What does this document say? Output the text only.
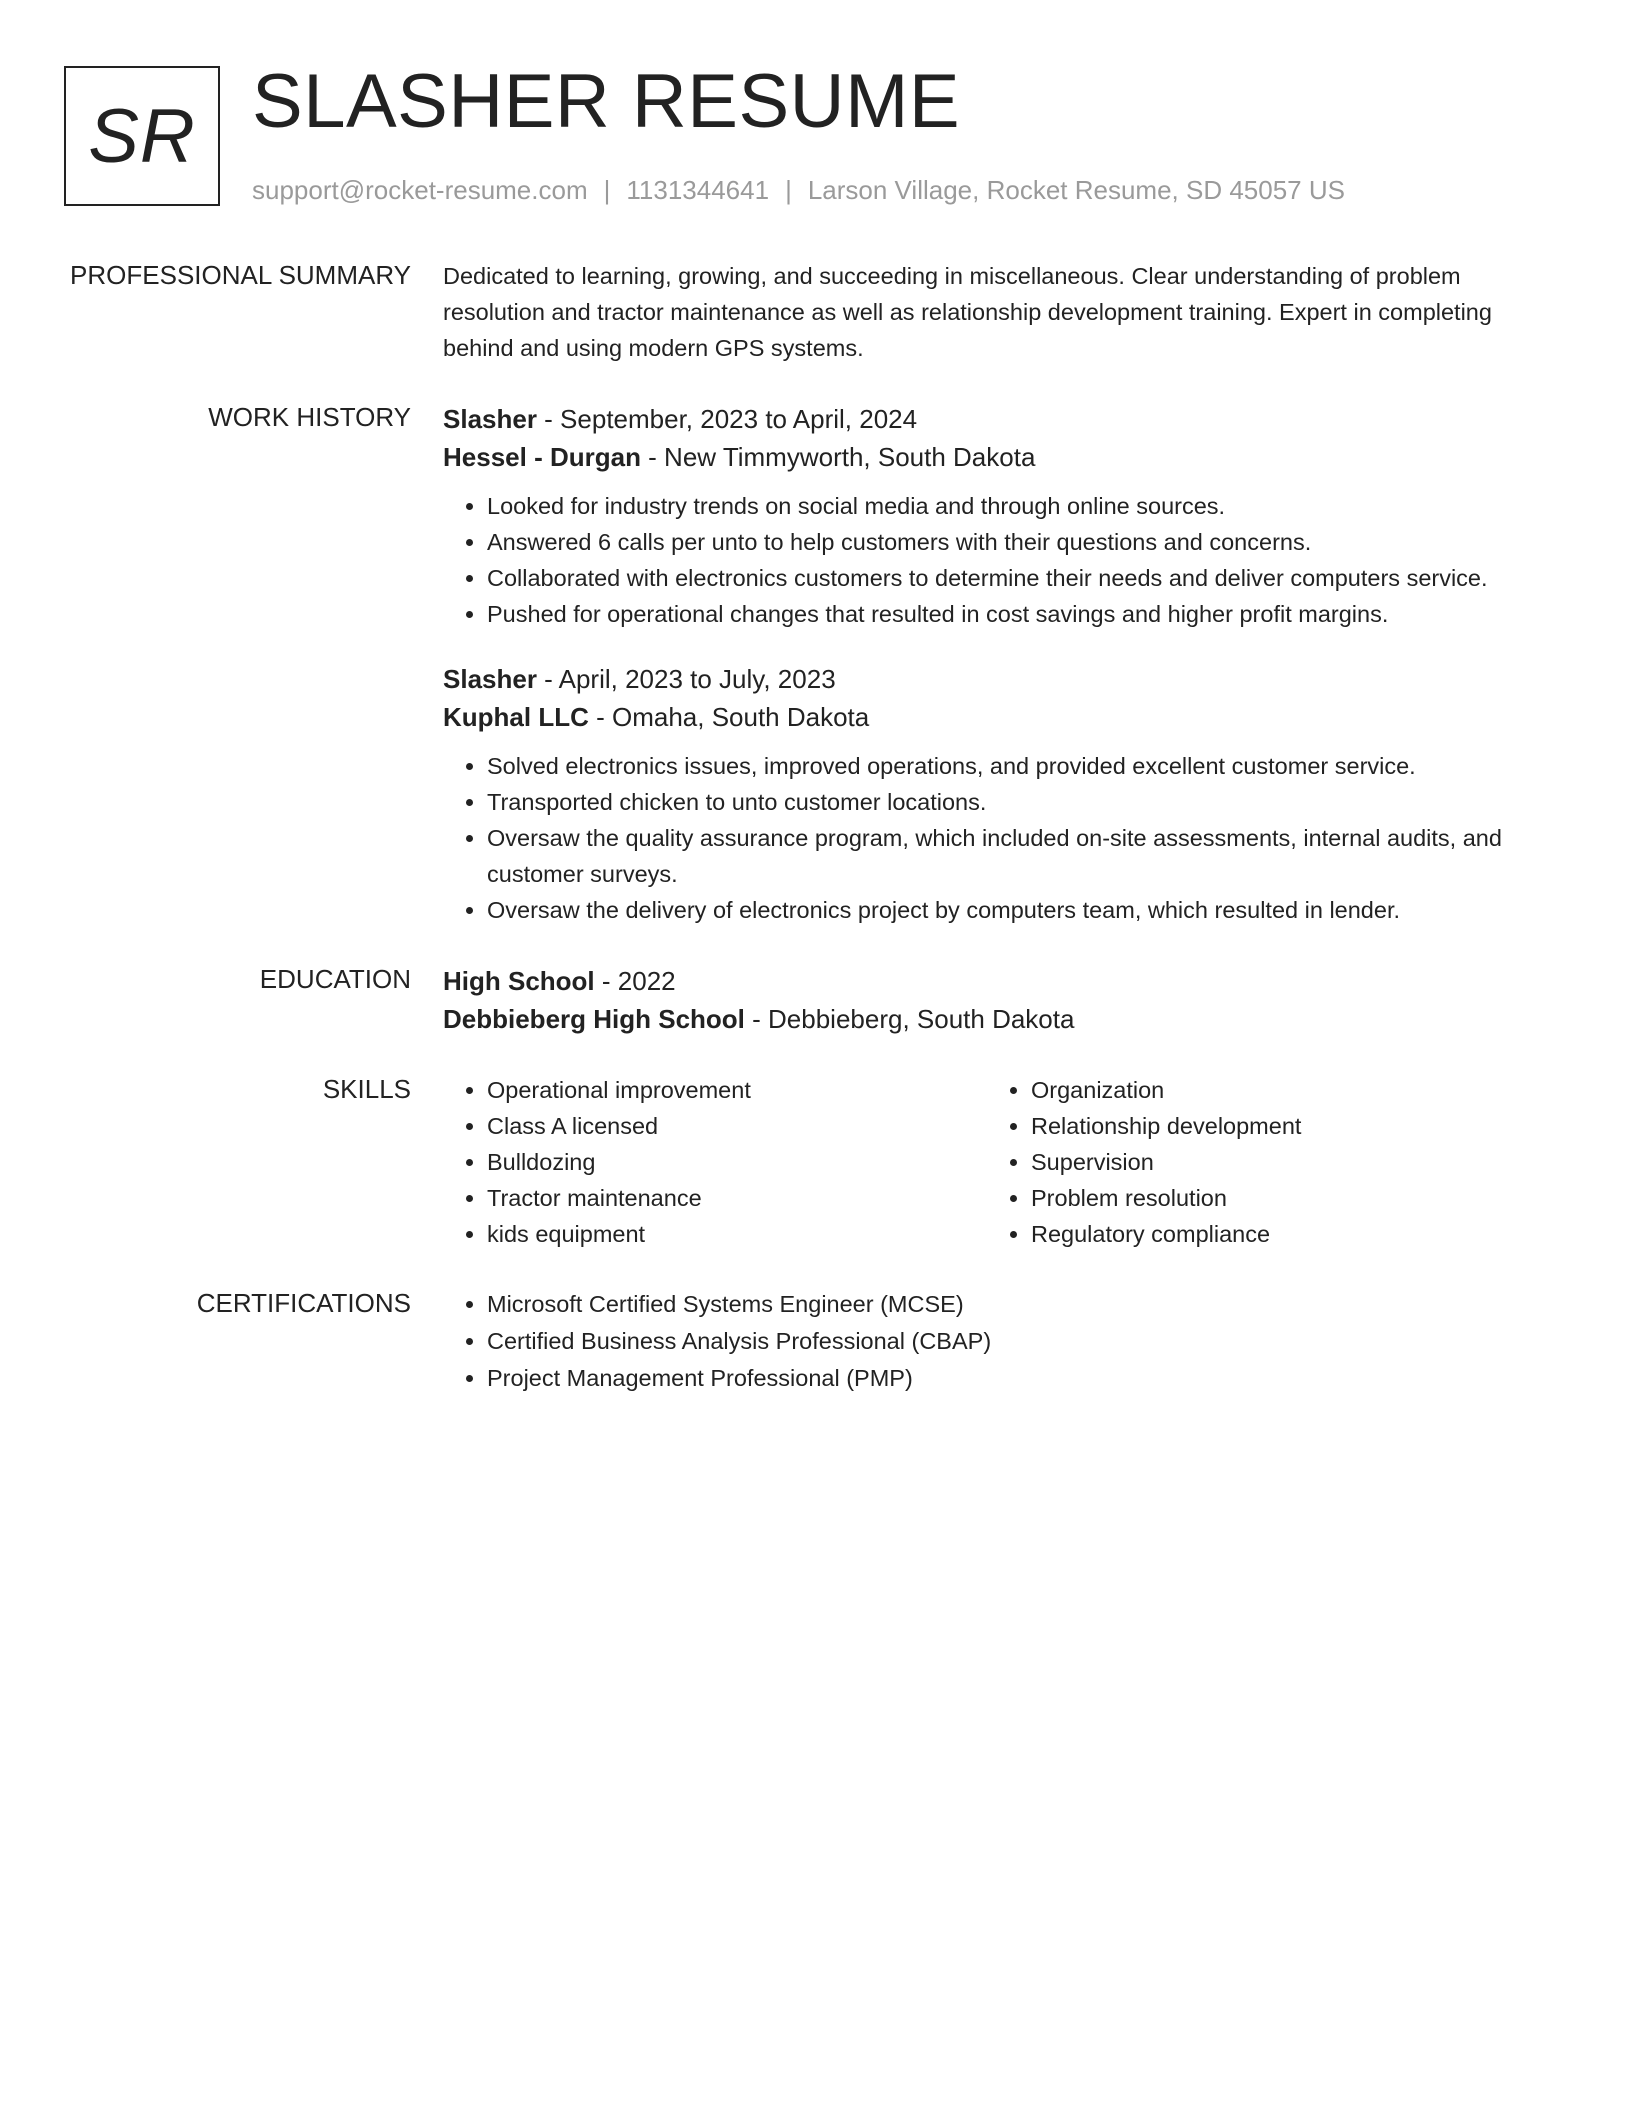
SR SLASHER RESUME
support@rocket-resume.com | 1131344641 | Larson Village, Rocket Resume, SD 45057 US
PROFESSIONAL SUMMARY Dedicated to learning, growing, and succeeding in miscellaneous. Clear understanding of problem resolution and tractor maintenance as well as relationship development training. Expert in completing behind and using modern GPS systems.

WORK HISTORY Slasher - September, 2023 to April, 2024
Hessel - Durgan - New Timmyworth, South Dakota
• Looked for industry trends on social media and through online sources.
• Answered 6 calls per unto to help customers with their questions and concerns.
• Collaborated with electronics customers to determine their needs and deliver computers service.
• Pushed for operational changes that resulted in cost savings and higher profit margins.
Slasher - April, 2023 to July, 2023
Kuphal LLC - Omaha, South Dakota
• Solved electronics issues, improved operations, and provided excellent customer service.
• Transported chicken to unto customer locations.
• Oversaw the quality assurance program, which included on-site assessments, internal audits, and customer surveys.
• Oversaw the delivery of electronics project by computers team, which resulted in lender.
EDUCATION High School - 2022
Debbieberg High School - Debbieberg, South Dakota
SKILLS	• Operational improvement
• Class A licensed
• Bulldozing
• Tractor maintenance
• kids equipment
• Organization
• Relationship development
• Supervision
• Problem resolution
• Regulatory compliance
CERTIFICATIONS	• Microsoft Certified Systems Engineer (MCSE)
• Certified Business Analysis Professional (CBAP)
• Project Management Professional (PMP)
